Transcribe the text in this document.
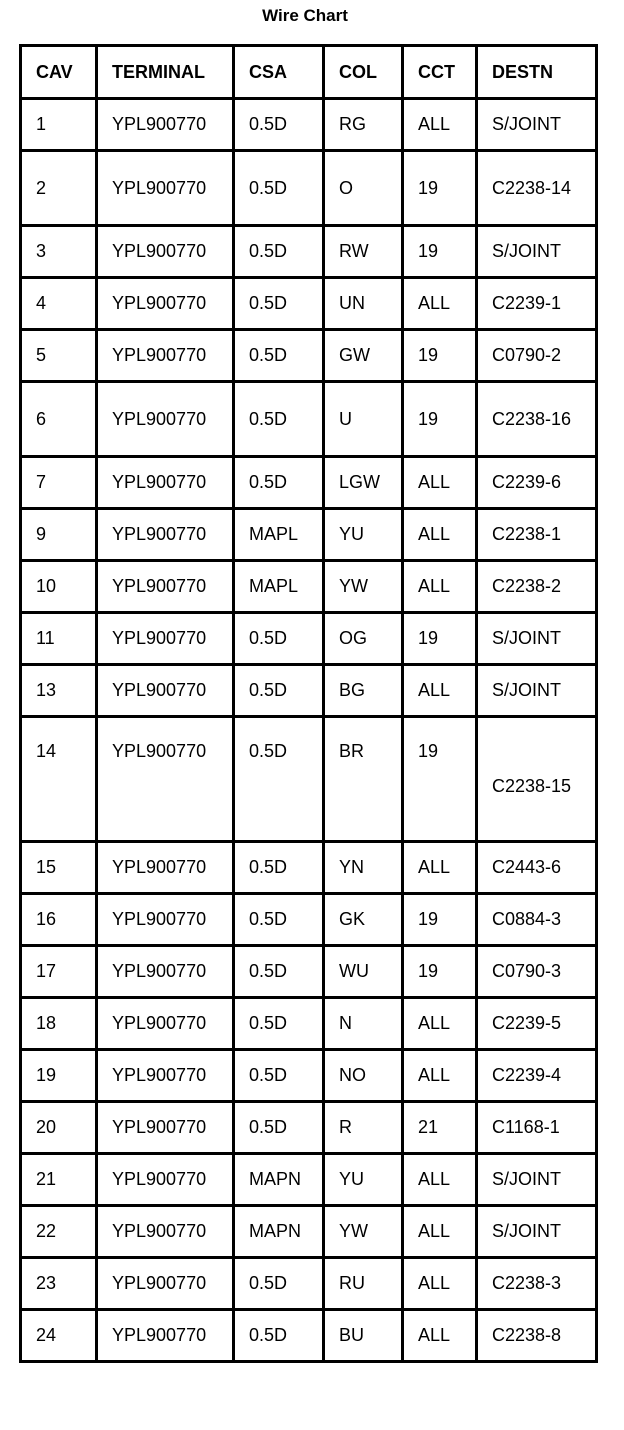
Wire Chart
CAV	TERMINAL	CSA	COL	CCT	DESTN
1	YPL900770	0.5D	RG	ALL	S/JOINT
2	YPL900770	0.5D	O	19	C2238-14
3	YPL900770	0.5D	RW	19	S/JOINT
4	YPL900770	0.5D	UN	ALL	C2239-1
5	YPL900770	0.5D	GW	19	C0790-2
6	YPL900770	0.5D	U	19	C2238-16
7	YPL900770	0.5D	LGW	ALL	C2239-6
9	YPL900770	MAPL	YU	ALL	C2238-1
10	YPL900770	MAPL	YW	ALL	C2238-2
11	YPL900770	0.5D	OG	19	S/JOINT
13	YPL900770	0.5D	BG	ALL	S/JOINT
14	YPL900770	0.5D	BR	19	C2238-15
15	YPL900770	0.5D	YN	ALL	C2443-6
16	YPL900770	0.5D	GK	19	C0884-3
17	YPL900770	0.5D	WU	19	C0790-3
18	YPL900770	0.5D	N	ALL	C2239-5
19	YPL900770	0.5D	NO	ALL	C2239-4
20	YPL900770	0.5D	R	21	C1168-1
21	YPL900770	MAPN	YU	ALL	S/JOINT
22	YPL900770	MAPN	YW	ALL	S/JOINT
23	YPL900770	0.5D	RU	ALL	C2238-3
24	YPL900770	0.5D	BU	ALL	C2238-8
